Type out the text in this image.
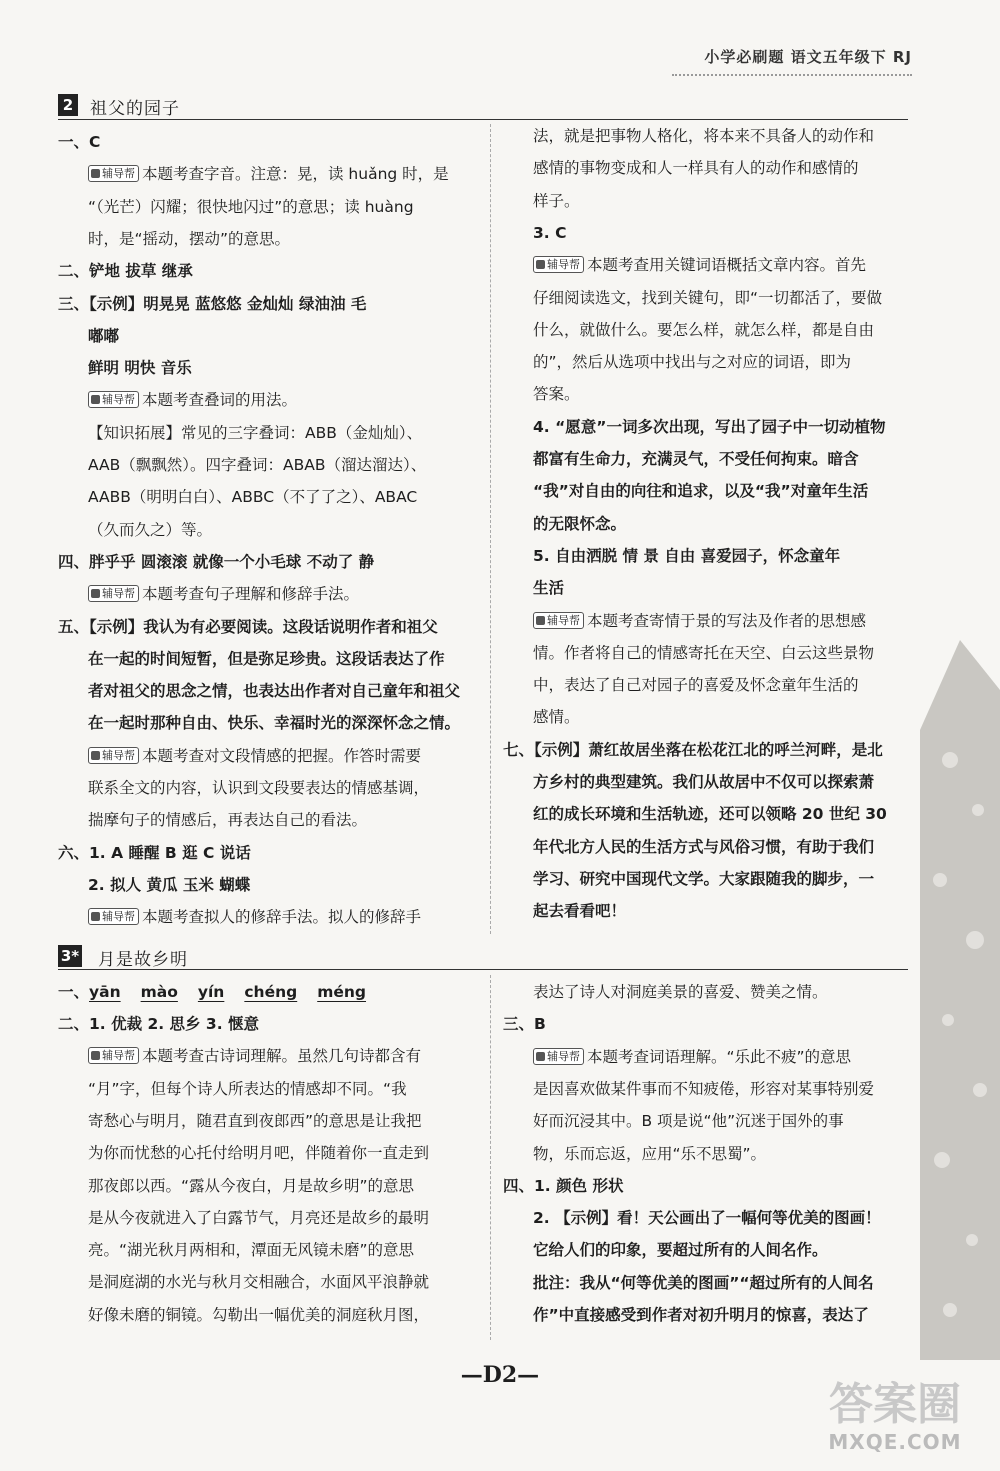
小学必刷题 语文五年级下 RJ
2 祖父的园子
一、C
辅导帮 本题考查字音。注意：晃，读 huǎng 时，是
“（光芒）闪耀；很快地闪过”的意思；读 huàng
时，是“摇动，摆动”的意思。
二、铲地 拔草 继承
三、【示例】明晃晃 蓝悠悠 金灿灿 绿油油 毛
嘟嘟
鲜明 明快 音乐
辅导帮 本题考查叠词的用法。
【知识拓展】常见的三字叠词：ABB（金灿灿）、
AAB（飘飘然）。四字叠词：ABAB（溜达溜达）、
AABB（明明白白）、ABBC（不了了之）、ABAC
（久而久之）等。
四、胖乎乎 圆滚滚 就像一个小毛球 不动了 静
辅导帮 本题考查句子理解和修辞手法。
五、【示例】我认为有必要阅读。这段话说明作者和祖父
在一起的时间短暂，但是弥足珍贵。这段话表达了作
者对祖父的思念之情，也表达出作者对自己童年和祖父
在一起时那种自由、快乐、幸福时光的深深怀念之情。
辅导帮 本题考查对文段情感的把握。作答时需要
联系全文的内容，认识到文段要表达的情感基调，
揣摩句子的情感后，再表达自己的看法。
六、1. A 睡醒 B 逛 C 说话
2. 拟人 黄瓜 玉米 蝴蝶
辅导帮 本题考查拟人的修辞手法。拟人的修辞手
法，就是把事物人格化，将本来不具备人的动作和
感情的事物变成和人一样具有人的动作和感情的
样子。
3. C
辅导帮 本题考查用关键词语概括文章内容。首先
仔细阅读选文，找到关键句，即“一切都活了，要做
什么，就做什么。要怎么样，就怎么样，都是自由
的”，然后从选项中找出与之对应的词语，即为
答案。
4. “愿意”一词多次出现，写出了园子中一切动植物
都富有生命力，充满灵气，不受任何拘束。暗含
“我”对自由的向往和追求，以及“我”对童年生活
的无限怀念。
5. 自由洒脱 情 景 自由 喜爱园子，怀念童年
生活
辅导帮 本题考查寄情于景的写法及作者的思想感
情。作者将自己的情感寄托在天空、白云这些景物
中，表达了自己对园子的喜爱及怀念童年生活的
感情。
七、【示例】萧红故居坐落在松花江北的呼兰河畔，是北
方乡村的典型建筑。我们从故居中不仅可以探索萧
红的成长环境和生活轨迹，还可以领略 20 世纪 30
年代北方人民的生活方式与风俗习惯，有助于我们
学习、研究中国现代文学。大家跟随我的脚步，一
起去看看吧！
3* 月是故乡明
一、yān mào yín chéng méng
二、1. 优裁 2. 思乡 3. 惬意
辅导帮 本题考查古诗词理解。虽然几句诗都含有
“月”字，但每个诗人所表达的情感却不同。“我
寄愁心与明月，随君直到夜郎西”的意思是让我把
为你而忧愁的心托付给明月吧，伴随着你一直走到
那夜郎以西。“露从今夜白，月是故乡明”的意思
是从今夜就进入了白露节气，月亮还是故乡的最明
亮。“湖光秋月两相和，潭面无风镜未磨”的意思
是洞庭湖的水光与秋月交相融合，水面风平浪静就
好像未磨的铜镜。勾勒出一幅优美的洞庭秋月图，
表达了诗人对洞庭美景的喜爱、赞美之情。
三、B
辅导帮 本题考查词语理解。“乐此不疲”的意思
是因喜欢做某件事而不知疲倦，形容对某事特别爱
好而沉浸其中。B 项是说“他”沉迷于国外的事
物，乐而忘返，应用“乐不思蜀”。
四、1. 颜色 形状
2. 【示例】看！天公画出了一幅何等优美的图画！
它给人们的印象，要超过所有的人间名作。
批注：我从“何等优美的图画”“超过所有的人间名
作”中直接感受到作者对初升明月的惊喜，表达了
—D2—
答案圈
MXQE.COM
